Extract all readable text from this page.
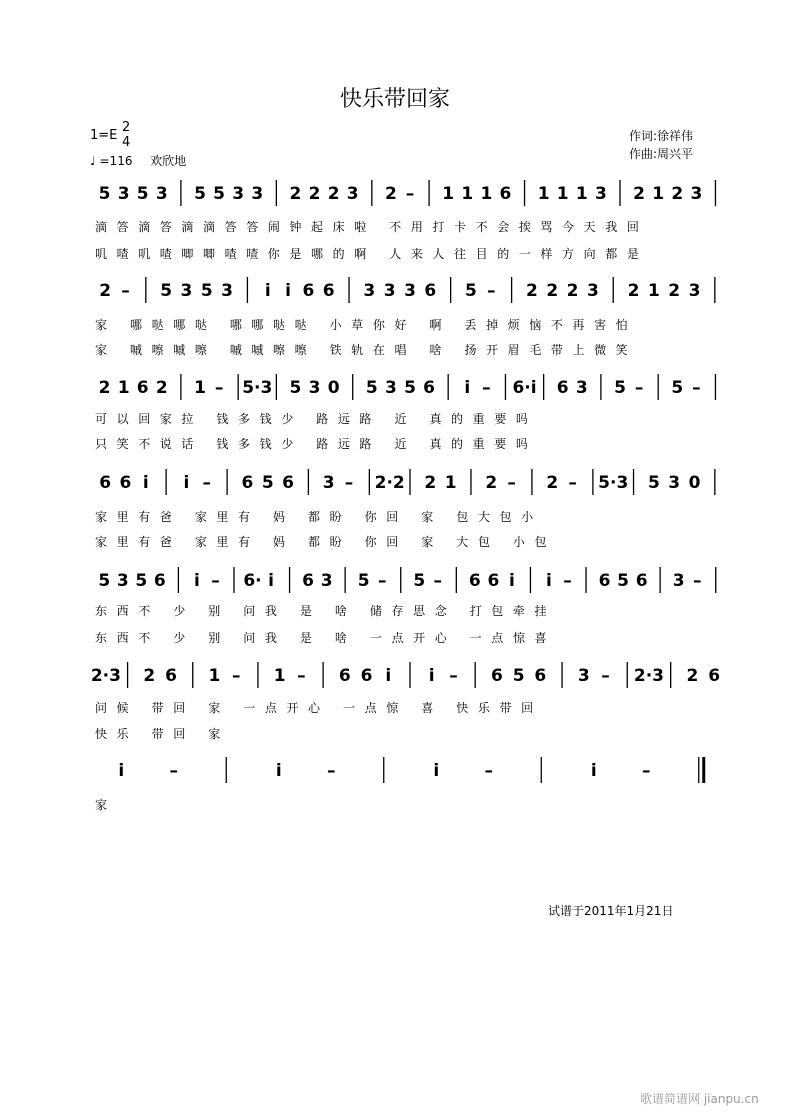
快乐带回家
1=E
2
4
♩ =116 欢欣地
作词:徐祥伟
作曲:周兴平
5 3 5 3 5 5 3 3 2 2 2 3 2 – 1 1 1 6 1 1 1 3 2 1 2 3
滴答滴答滴滴答答闹钟起床啦 不用打卡不会挨骂今天我回
叽喳叽喳唧唧喳喳你是哪的啊 人来人往目的一样方向都是
2 – 5 3 5 3 i i 6 6 3 3 3 6 5 – 2 2 2 3 2 1 2 3
家 哪哒哪哒 哪哪哒哒 小草你好 啊 丢掉烦恼不再害怕
家 嘁嚓嘁嚓 嘁嘁嚓嚓 铁轨在唱 啥 扬开眉毛带上微笑
2 1 6 2 1 – 5·3 5 3 0 5 3 5 6 i – 6·i 6 3 5 – 5 –
可以回家拉 钱多钱少 路远路 近 真的重要吗
只笑不说话 钱多钱少 路远路 近 真的重要吗
6 6 i i – 6 5 6 3 – 2·2 2 1 2 – 2 – 5·3 5 3 0
家里有爸 家里有 妈 都盼 你回 家 包大包小
家里有爸 家里有 妈 都盼 你回 家 大包 小包
5 3 5 6 i – 6· i 6 3 5 – 5 – 6 6 i i – 6 5 6 3 –
东西不 少 别 问我 是 啥 储存思念 打包牵挂
东西不 少 别 问我 是 啥 一点开心 一点惊喜
2·3 2 6 1 – 1 – 6 6 i i – 6 5 6 3 – 2·3 2 6
问候 带回 家 一点开心 一点惊 喜 快乐带回
快乐 带回 家
i	–	i	–	i	–	i	–
家
试谱于2011年1月21日
歌谱简谱网 jianpu.cn
